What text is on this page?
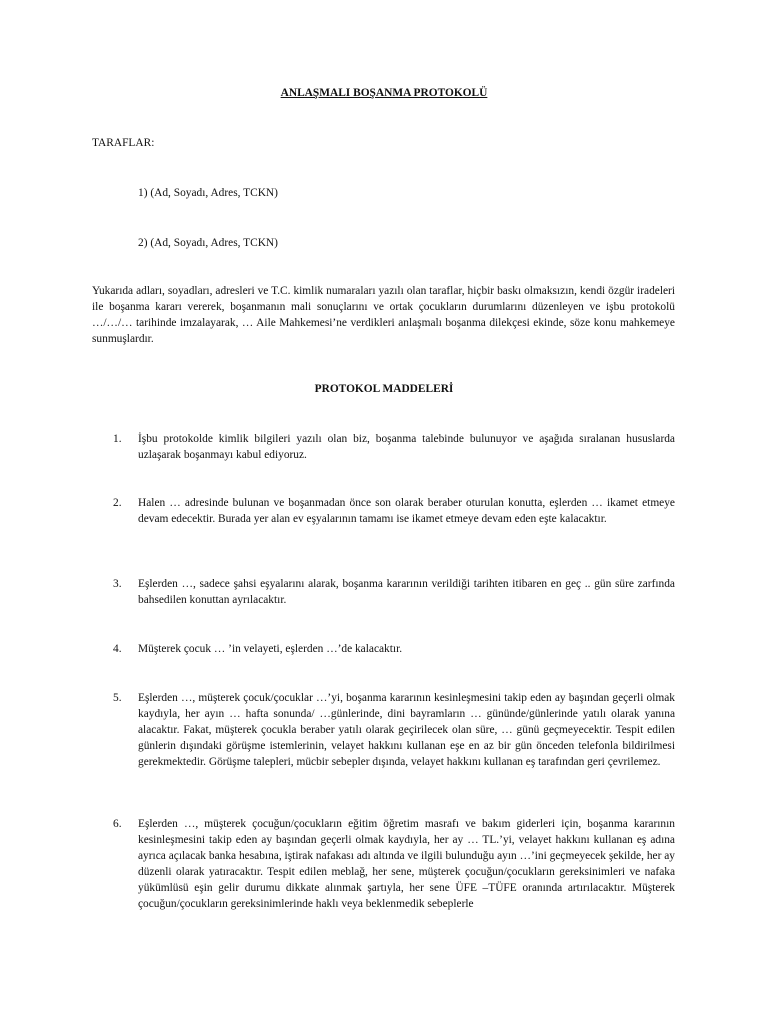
ANLAŞMALI BOŞANMA PROTOKOLÜ
TARAFLAR:
1) (Ad, Soyadı, Adres, TCKN)
2) (Ad, Soyadı, Adres, TCKN)
Yukarıda adları, soyadları, adresleri ve T.C. kimlik numaraları yazılı olan taraflar, hiçbir baskı olmaksızın, kendi özgür iradeleri ile boşanma kararı vererek, boşanmanın mali sonuçlarını ve ortak çocukların durumlarını düzenleyen ve işbu protokolü …/…/… tarihinde imzalayarak, … Aile Mahkemesi’ne verdikleri anlaşmalı boşanma dilekçesi ekinde, söze konu mahkemeye sunmuşlardır.
PROTOKOL MADDELERİ
1.	İşbu protokolde kimlik bilgileri yazılı olan biz, boşanma talebinde bulunuyor ve aşağıda sıralanan hususlarda uzlaşarak boşanmayı kabul ediyoruz.
2.	Halen … adresinde bulunan ve boşanmadan önce son olarak beraber oturulan konutta, eşlerden … ikamet etmeye devam edecektir. Burada yer alan ev eşyalarının tamamı ise ikamet etmeye devam eden eşte kalacaktır.
3.	Eşlerden …, sadece şahsi eşyalarını alarak, boşanma kararının verildiği tarihten itibaren en geç .. gün süre zarfında bahsedilen konuttan ayrılacaktır.
4.	Müşterek çocuk … ’in velayeti, eşlerden …’de kalacaktır.
5.	Eşlerden …, müşterek çocuk/çocuklar …’yi, boşanma kararının kesinleşmesini takip eden ay başından geçerli olmak kaydıyla, her ayın … hafta sonunda/ …günlerinde, dini bayramların … gününde/günlerinde yatılı olarak yanına alacaktır. Fakat, müşterek çocukla beraber yatılı olarak geçirilecek olan süre, … günü geçmeyecektir. Tespit edilen günlerin dışındaki görüşme istemlerinin, velayet hakkını kullanan eşe en az bir gün önceden telefonla bildirilmesi gerekmektedir. Görüşme talepleri, mücbir sebepler dışında, velayet hakkını kullanan eş tarafından geri çevrilemez.
6.	Eşlerden …, müşterek çocuğun/çocukların eğitim öğretim masrafı ve bakım giderleri için, boşanma kararının kesinleşmesini takip eden ay başından geçerli olmak kaydıyla, her ay … TL.’yi, velayet hakkını kullanan eş adına ayrıca açılacak banka hesabına, iştirak nafakası adı altında ve ilgili bulunduğu ayın …’ini geçmeyecek şekilde, her ay düzenli olarak yatıracaktır. Tespit edilen meblağ, her sene, müşterek çocuğun/çocukların gereksinimleri ve nafaka yükümlüsü eşin gelir durumu dikkate alınmak şartıyla, her sene ÜFE –TÜFE oranında artırılacaktır. Müşterek çocuğun/çocukların gereksinimlerinde haklı veya beklenmedik sebeplerle
